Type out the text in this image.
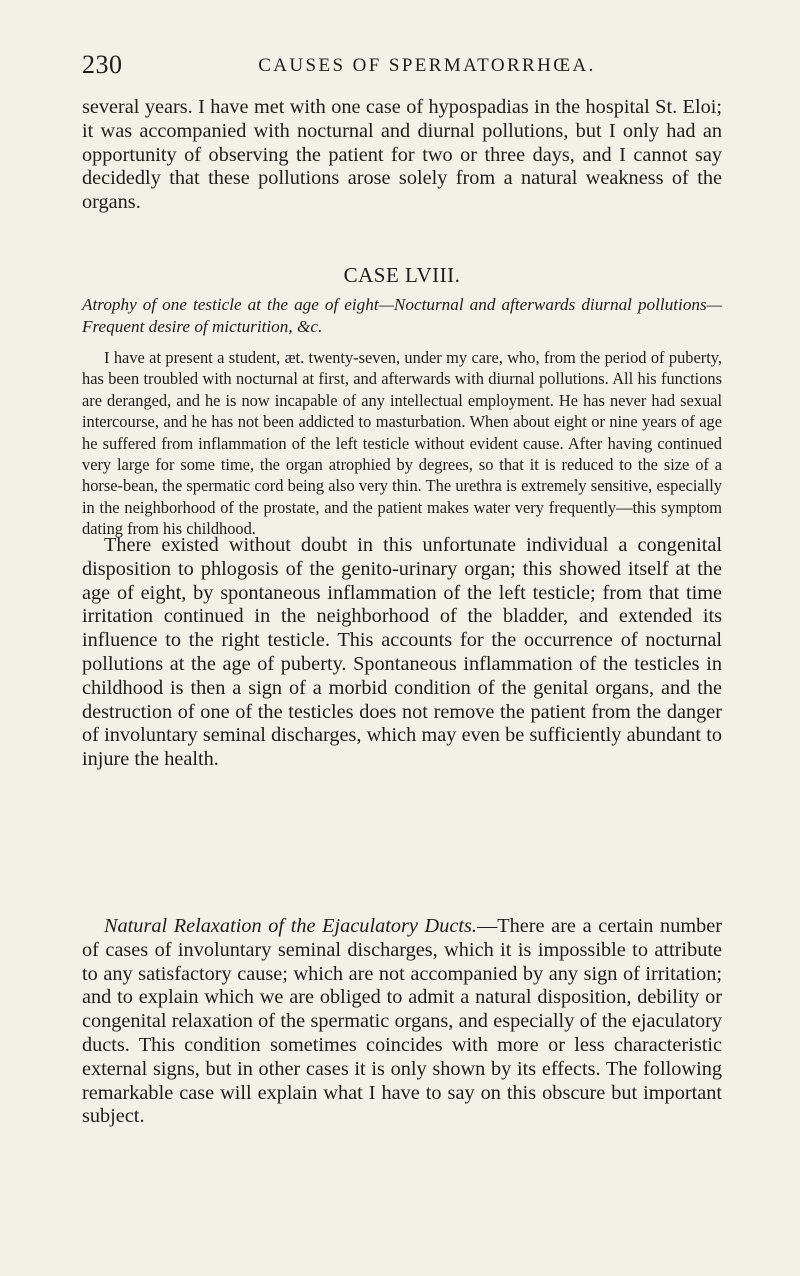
230	CAUSES OF SPERMATORRHŒA.

several years. I have met with one case of hypospadias in the hospital St. Eloi; it was accompanied with nocturnal and diurnal pollutions, but I only had an opportunity of observing the patient for two or three days, and I cannot say decidedly that these pollutions arose solely from a natural weakness of the organs.

CASE LVIII.

Atrophy of one testicle at the age of eight—Nocturnal and afterwards diurnal pollutions—Frequent desire of micturition, &c.

I have at present a student, æt. twenty-seven, under my care, who, from the period of puberty, has been troubled with nocturnal at first, and afterwards with diurnal pollutions. All his functions are deranged, and he is now incapable of any intellectual employment. He has never had sexual intercourse, and he has not been addicted to masturbation. When about eight or nine years of age he suffered from inflammation of the left testicle without evident cause. After having continued very large for some time, the organ atrophied by degrees, so that it is reduced to the size of a horse-bean, the spermatic cord being also very thin. The urethra is extremely sensitive, especially in the neighborhood of the prostate, and the patient makes water very frequently—this symptom dating from his childhood.

There existed without doubt in this unfortunate individual a congenital disposition to phlogosis of the genito-urinary organ; this showed itself at the age of eight, by spontaneous inflammation of the left testicle; from that time irritation continued in the neighborhood of the bladder, and extended its influence to the right testicle. This accounts for the occurrence of nocturnal pollutions at the age of puberty. Spontaneous inflammation of the testicles in childhood is then a sign of a morbid condition of the genital organs, and the destruction of one of the testicles does not remove the patient from the danger of involuntary seminal discharges, which may even be sufficiently abundant to injure the health.

Natural Relaxation of the Ejaculatory Ducts.—There are a certain number of cases of involuntary seminal discharges, which it is impossible to attribute to any satisfactory cause; which are not accompanied by any sign of irritation; and to explain which we are obliged to admit a natural disposition, debility or congenital relaxation of the spermatic organs, and especially of the ejaculatory ducts. This condition sometimes coincides with more or less characteristic external signs, but in other cases it is only shown by its effects. The following remarkable case will explain what I have to say on this obscure but important subject.
